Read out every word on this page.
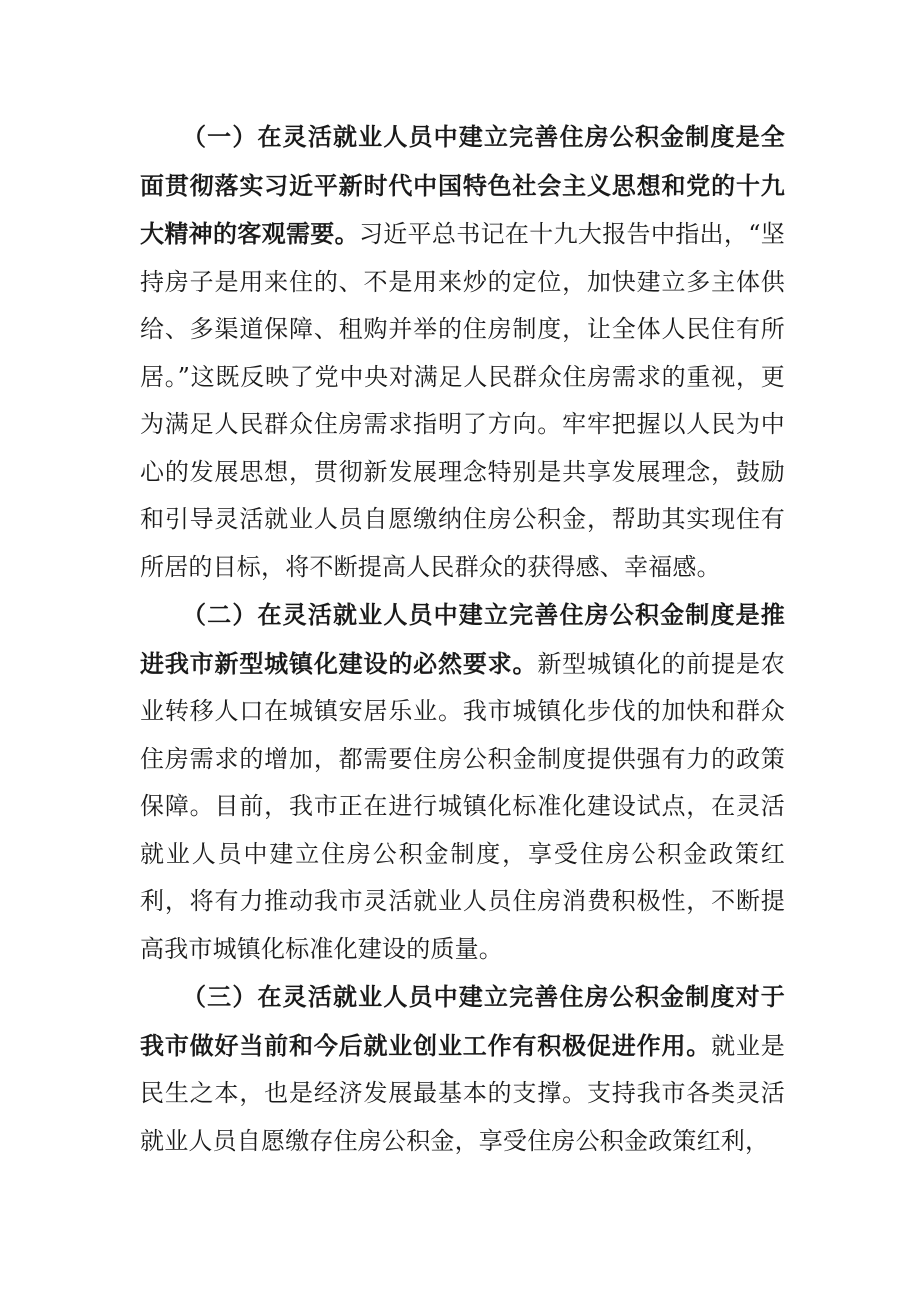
（一）在灵活就业人员中建立完善住房公积金制度是全面贯彻落实习近平新时代中国特色社会主义思想和党的十九大精神的客观需要。习近平总书记在十九大报告中指出，“坚持房子是用来住的、不是用来炒的定位，加快建立多主体供给、多渠道保障、租购并举的住房制度，让全体人民住有所居。”这既反映了党中央对满足人民群众住房需求的重视，更为满足人民群众住房需求指明了方向。牢牢把握以人民为中心的发展思想，贯彻新发展理念特别是共享发展理念，鼓励和引导灵活就业人员自愿缴纳住房公积金，帮助其实现住有所居的目标，将不断提高人民群众的获得感、幸福感。

（二）在灵活就业人员中建立完善住房公积金制度是推进我市新型城镇化建设的必然要求。新型城镇化的前提是农业转移人口在城镇安居乐业。我市城镇化步伐的加快和群众住房需求的增加，都需要住房公积金制度提供强有力的政策保障。目前，我市正在进行城镇化标准化建设试点，在灵活就业人员中建立住房公积金制度，享受住房公积金政策红利，将有力推动我市灵活就业人员住房消费积极性，不断提高我市城镇化标准化建设的质量。

（三）在灵活就业人员中建立完善住房公积金制度对于我市做好当前和今后就业创业工作有积极促进作用。就业是民生之本，也是经济发展最基本的支撑。支持我市各类灵活就业人员自愿缴存住房公积金，享受住房公积金政策红利，
